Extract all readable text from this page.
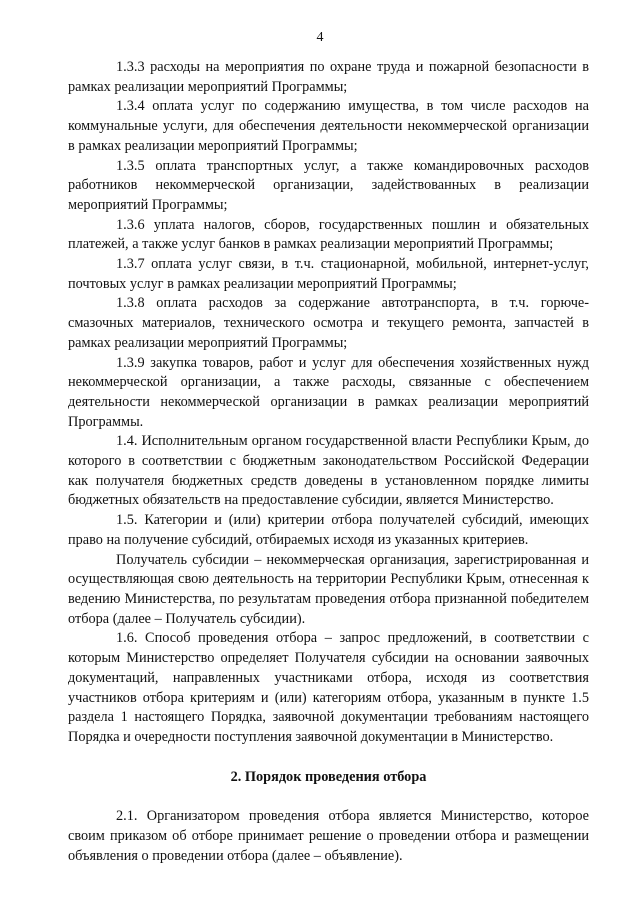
4

1.3.3 расходы на мероприятия по охране труда и пожарной безопасности в рамках реализации мероприятий Программы;

1.3.4 оплата услуг по содержанию имущества, в том числе расходов на коммунальные услуги, для обеспечения деятельности некоммерческой организации в рамках реализации мероприятий Программы;

1.3.5 оплата транспортных услуг, а также командировочных расходов работников некоммерческой организации, задействованных в реализации мероприятий Программы;

1.3.6 уплата налогов, сборов, государственных пошлин и обязательных платежей, а также услуг банков в рамках реализации мероприятий Программы;

1.3.7 оплата услуг связи, в т.ч. стационарной, мобильной, интернет-услуг, почтовых услуг в рамках реализации мероприятий Программы;

1.3.8 оплата расходов за содержание автотранспорта, в т.ч. горюче-смазочных материалов, технического осмотра и текущего ремонта, запчастей в рамках реализации мероприятий Программы;

1.3.9 закупка товаров, работ и услуг для обеспечения хозяйственных нужд некоммерческой организации, а также расходы, связанные с обеспечением деятельности некоммерческой организации в рамках реализации мероприятий Программы.

1.4. Исполнительным органом государственной власти Республики Крым, до которого в соответствии с бюджетным законодательством Российской Федерации как получателя бюджетных средств доведены в установленном порядке лимиты бюджетных обязательств на предоставление субсидии, является Министерство.

1.5. Категории и (или) критерии отбора получателей субсидий, имеющих право на получение субсидий, отбираемых исходя из указанных критериев.

Получатель субсидии – некоммерческая организация, зарегистрированная и осуществляющая свою деятельность на территории Республики Крым, отнесенная к ведению Министерства, по результатам проведения отбора признанной победителем отбора (далее – Получатель субсидии).

1.6. Способ проведения отбора – запрос предложений, в соответствии с которым Министерство определяет Получателя субсидии на основании заявочных документаций, направленных участниками отбора, исходя из соответствия участников отбора критериям и (или) категориям отбора, указанным в пункте 1.5 раздела 1 настоящего Порядка, заявочной документации требованиям настоящего Порядка и очередности поступления заявочной документации в Министерство.

2. Порядок проведения отбора

2.1. Организатором проведения отбора является Министерство, которое своим приказом об отборе принимает решение о проведении отбора и размещении объявления о проведении отбора (далее – объявление).
